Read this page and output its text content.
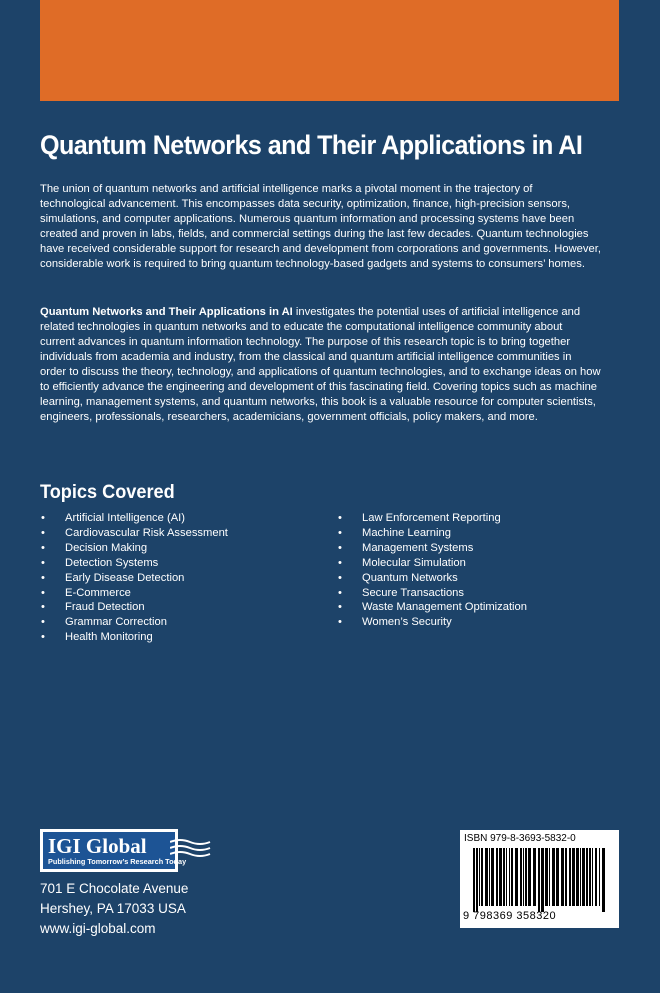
Quantum Networks and Their Applications in AI
The union of quantum networks and artificial intelligence marks a pivotal moment in the trajectory of
technological advancement. This encompasses data security, optimization, finance, high-precision sensors,
simulations, and computer applications. Numerous quantum information and processing systems have been
created and proven in labs, fields, and commercial settings during the last few decades. Quantum technologies
have received considerable support for research and development from corporations and governments. However,
considerable work is required to bring quantum technology-based gadgets and systems to consumers’ homes.
Quantum Networks and Their Applications in AI investigates the potential uses of artificial intelligence and
related technologies in quantum networks and to educate the computational intelligence community about
current advances in quantum information technology. The purpose of this research topic is to bring together
individuals from academia and industry, from the classical and quantum artificial intelligence communities in
order to discuss the theory, technology, and applications of quantum technologies, and to exchange ideas on how
to efficiently advance the engineering and development of this fascinating field. Covering topics such as machine
learning, management systems, and quantum networks, this book is a valuable resource for computer scientists,
engineers, professionals, researchers, academicians, government officials, policy makers, and more.
Topics Covered
• Artificial Intelligence (AI)
• Cardiovascular Risk Assessment
• Decision Making
• Detection Systems
• Early Disease Detection
• E-Commerce
• Fraud Detection
• Grammar Correction
• Health Monitoring
• Law Enforcement Reporting
• Machine Learning
• Management Systems
• Molecular Simulation
• Quantum Networks
• Secure Transactions
• Waste Management Optimization
• Women’s Security
IGI Global
Publishing Tomorrow’s Research Today
701 E Chocolate Avenue
Hershey, PA 17033 USA
www.igi-global.com
ISBN 979-8-3693-5832-0
9 798369 358320
